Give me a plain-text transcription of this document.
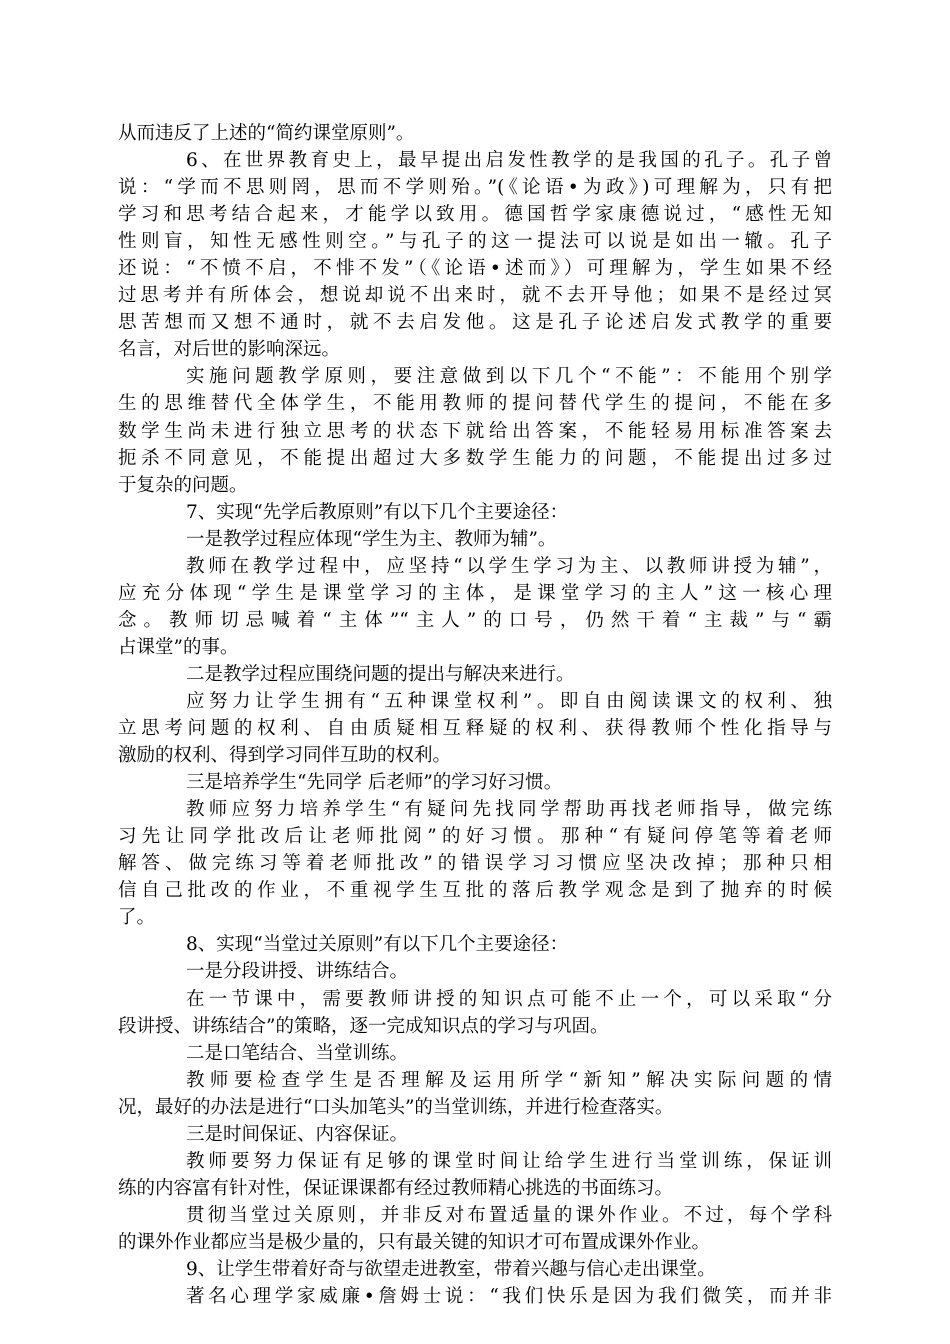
从而违反了上述的“简约课堂原则”。
6、在世界教育史上，最早提出启发性教学的是我国的孔子。孔子曾
说：“学而不思则罔，思而不学则殆。”(《论语•为政》)可理解为，只有把
学习和思考结合起来，才能学以致用。德国哲学家康德说过，“感性无知
性则盲，知性无感性则空。”与孔子的这一提法可以说是如出一辙。孔子
还说：“不愤不启，不悱不发”（《论语•述而》）可理解为，学生如果不经
过思考并有所体会，想说却说不出来时，就不去开导他；如果不是经过冥
思苦想而又想不通时，就不去启发他。这是孔子论述启发式教学的重要
名言，对后世的影响深远。
实施问题教学原则，要注意做到以下几个“不能”：不能用个别学
生的思维替代全体学生，不能用教师的提问替代学生的提问，不能在多
数学生尚未进行独立思考的状态下就给出答案，不能轻易用标准答案去
扼杀不同意见，不能提出超过大多数学生能力的问题，不能提出过多过
于复杂的问题。
7、实现“先学后教原则”有以下几个主要途径：
一是教学过程应体现“学生为主、教师为辅”。
教师在教学过程中，应坚持“以学生学习为主、以教师讲授为辅”，
应充分体现“学生是课堂学习的主体，是课堂学习的主人”这一核心理
念。教师切忌喊着“主体”“主人”的口号，仍然干着“主裁”与“霸
占课堂”的事。
二是教学过程应围绕问题的提出与解决来进行。
应努力让学生拥有“五种课堂权利”。即自由阅读课文的权利、独
立思考问题的权利、自由质疑相互释疑的权利、获得教师个性化指导与
激励的权利、得到学习同伴互助的权利。
三是培养学生“先同学 后老师”的学习好习惯。
教师应努力培养学生“有疑问先找同学帮助再找老师指导，做完练
习先让同学批改后让老师批阅”的好习惯。那种“有疑问停笔等着老师
解答、做完练习等着老师批改”的错误学习习惯应坚决改掉；那种只相
信自己批改的作业，不重视学生互批的落后教学观念是到了抛弃的时候
了。
8、实现“当堂过关原则”有以下几个主要途径：
一是分段讲授、讲练结合。
在一节课中，需要教师讲授的知识点可能不止一个，可以采取“分
段讲授、讲练结合”的策略，逐一完成知识点的学习与巩固。
二是口笔结合、当堂训练。
教师要检查学生是否理解及运用所学“新知”解决实际问题的情
况，最好的办法是进行“口头加笔头”的当堂训练，并进行检查落实。
三是时间保证、内容保证。
教师要努力保证有足够的课堂时间让给学生进行当堂训练，保证训
练的内容富有针对性，保证课课都有经过教师精心挑选的书面练习。
贯彻当堂过关原则，并非反对布置适量的课外作业。不过，每个学科
的课外作业都应当是极少量的，只有最关键的知识才可布置成课外作业。
9、让学生带着好奇与欲望走进教室，带着兴趣与信心走出课堂。
著名心理学家威廉•詹姆士说：“我们快乐是因为我们微笑，而并非
